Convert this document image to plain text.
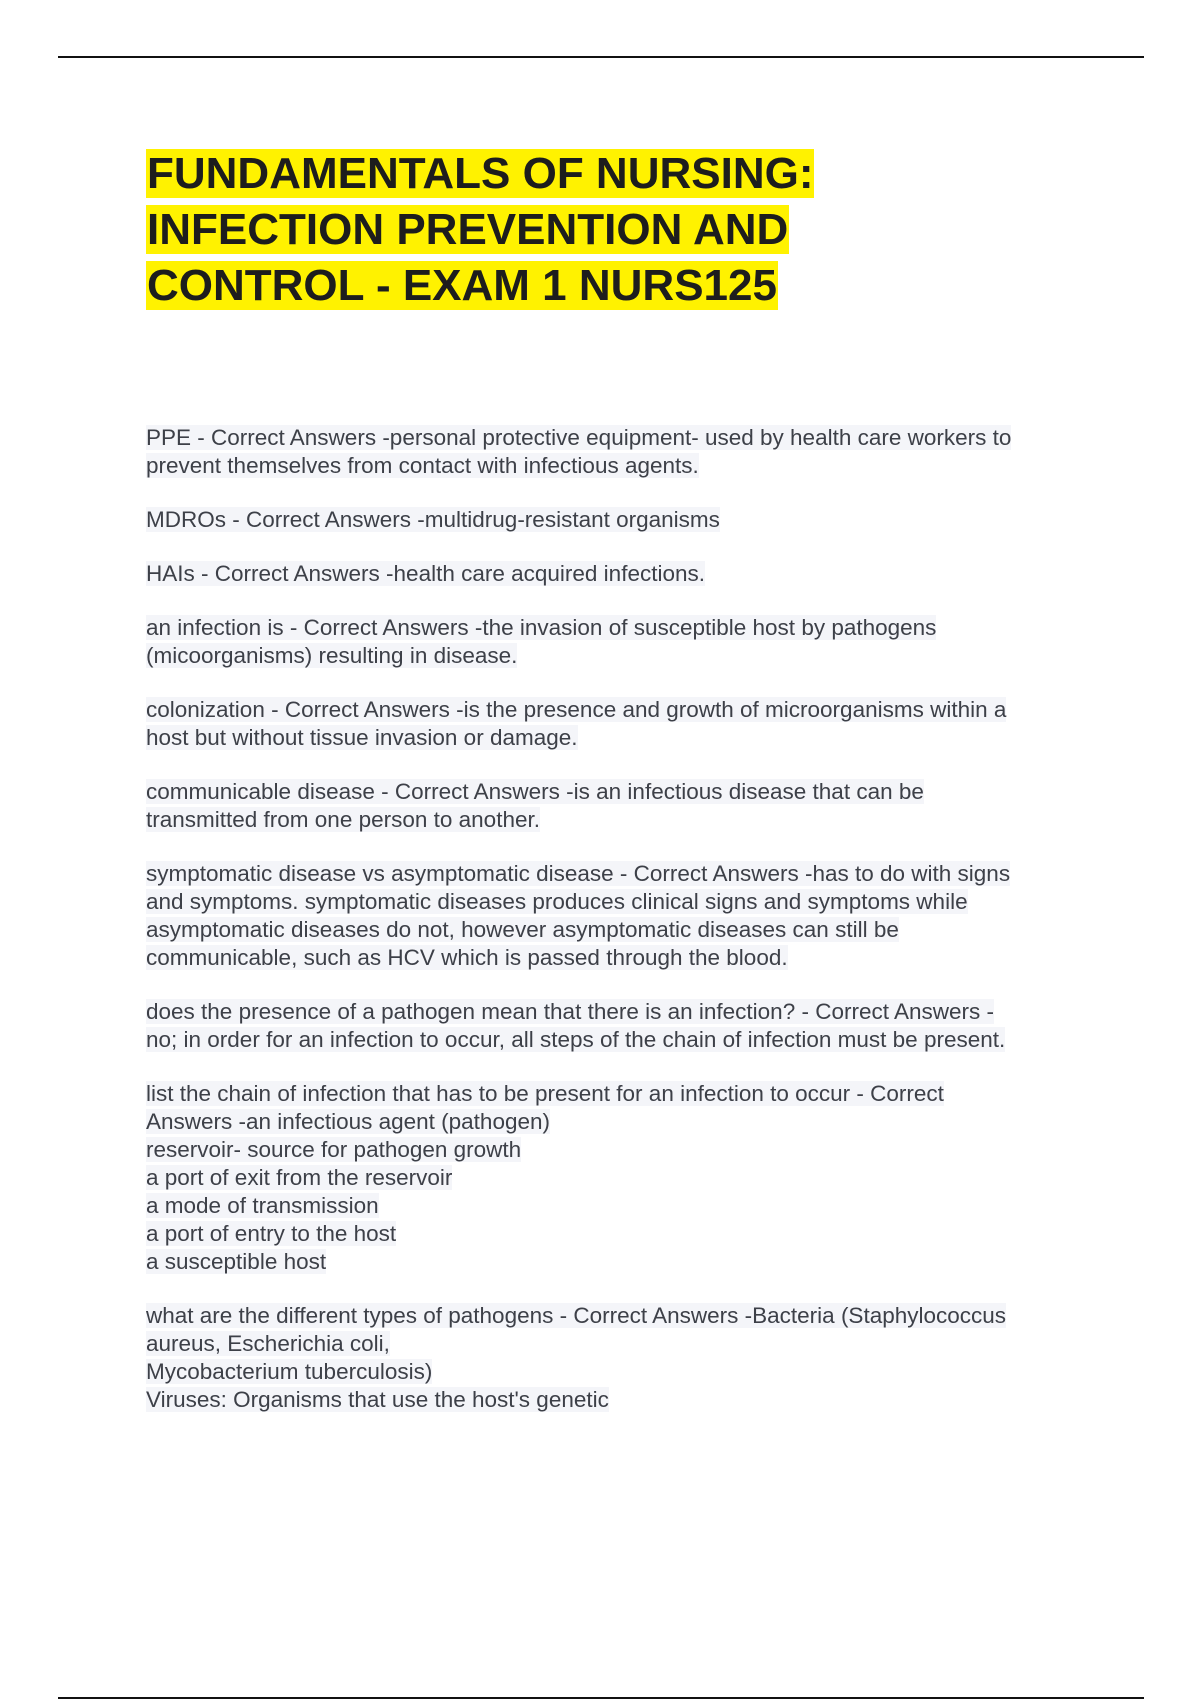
FUNDAMENTALS OF NURSING:
INFECTION PREVENTION AND
CONTROL - EXAM 1 NURS125

PPE - Correct Answers -personal protective equipment- used by health care workers to
prevent themselves from contact with infectious agents.

MDROs - Correct Answers -multidrug-resistant organisms

HAIs - Correct Answers -health care acquired infections.

an infection is - Correct Answers -the invasion of susceptible host by pathogens
(micoorganisms) resulting in disease.

colonization - Correct Answers -is the presence and growth of microorganisms within a
host but without tissue invasion or damage.

communicable disease - Correct Answers -is an infectious disease that can be
transmitted from one person to another.

symptomatic disease vs asymptomatic disease - Correct Answers -has to do with signs
and symptoms. symptomatic diseases produces clinical signs and symptoms while
asymptomatic diseases do not, however asymptomatic diseases can still be
communicable, such as HCV which is passed through the blood.

does the presence of a pathogen mean that there is an infection? - Correct Answers -
no; in order for an infection to occur, all steps of the chain of infection must be present.

list the chain of infection that has to be present for an infection to occur - Correct
Answers -an infectious agent (pathogen)
reservoir- source for pathogen growth
a port of exit from the reservoir
a mode of transmission
a port of entry to the host
a susceptible host

what are the different types of pathogens - Correct Answers -Bacteria (Staphylococcus
aureus, Escherichia coli,
Mycobacterium tuberculosis)
Viruses: Organisms that use the host's genetic
